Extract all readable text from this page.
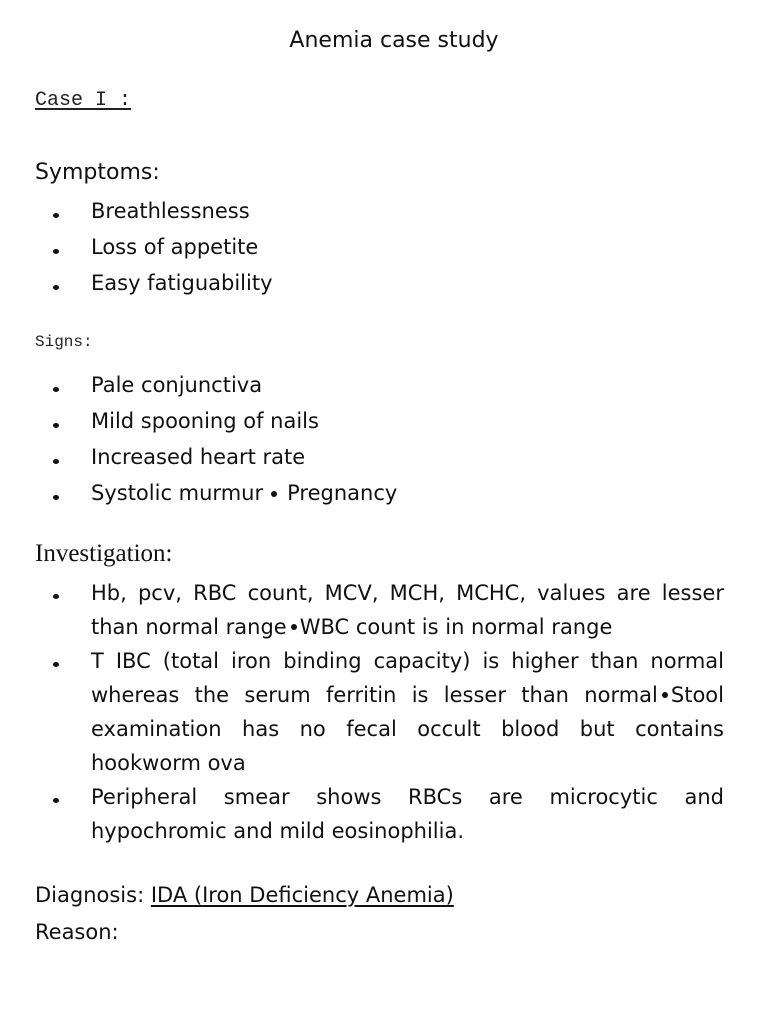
Anemia case study
Case I :
Symptoms:
Breathlessness
Loss of appetite
Easy fatiguability
Signs:
Pale conjunctiva
Mild spooning of nails
Increased heart rate
Systolic murmur Pregnancy
Investigation:
Hb, pcv, RBC count, MCV, MCH, MCHC, values are lesser than normal range WBC count is in normal range
T IBC (total iron binding capacity) is higher than normal whereas the serum ferritin is lesser than normal Stool examination has no fecal occult blood but contains hookworm ova
Peripheral smear shows RBCs are microcytic and hypochromic and mild eosinophilia.
Diagnosis: IDA (Iron Deficiency Anemia)
Reason:
